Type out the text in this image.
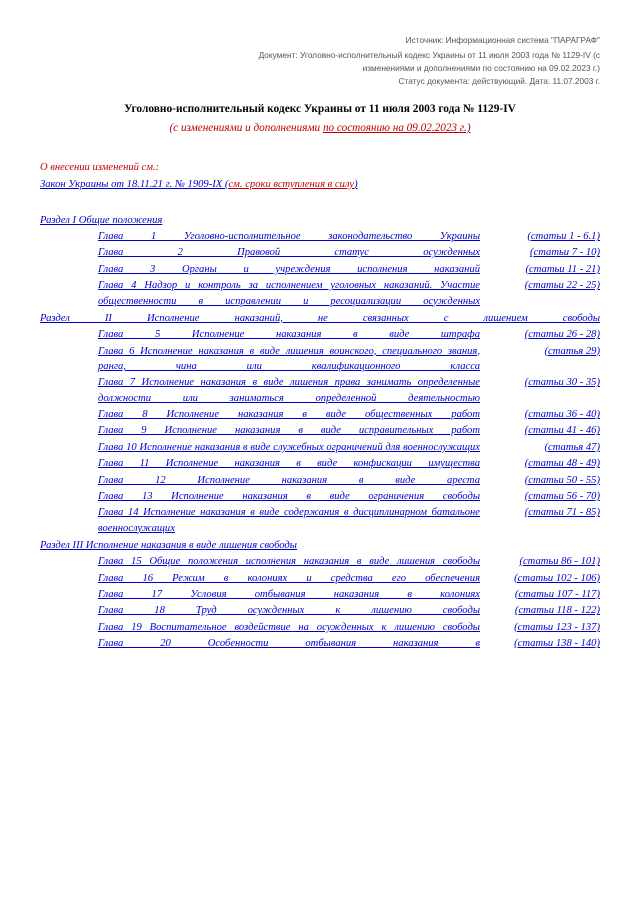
Источник: Информационная система "ПАРАГРАФ"
Документ: Уголовно-исполнительный кодекс Украины от 11 июля 2003 года № 1129-IV (с
изменениями и дополнениями по состоянию на 09.02.2023 г.)
Статус документа: действующий. Дата: 11.07.2003 г.
Уголовно-исполнительный кодекс Украины от 11 июля 2003 года № 1129-IV
(с изменениями и дополнениями по состоянию на 09.02.2023 г.)
О внесении изменений см.:
Закон Украины от 18.11.21 г. № 1909-IX (см. сроки вступления в силу)
Раздел I Общие положения
Глава 1 Уголовно-исполнительное законодательство Украины	(статьи 1 - 6.1)
Глава 2 Правовой статус осужденных	(статьи 7 - 10)
Глава 3 Органы и учреждения исполнения наказаний	(статьи 11 - 21)
Глава 4 Надзор и контроль за исполнением уголовных наказаний. Участие общественности в исправлении и ресоциализации осужденных
(статьи 22 - 25)
Раздел II Исполнение наказаний, не связанных с лишением свободы
Глава 5 Исполнение наказания в виде штрафа	(статьи 26 - 28)
Глава 6 Исполнение наказания в виде лишения воинского, специального звания, ранга, чина или квалификационного класса
(статья 29)
Глава 7 Исполнение наказания в виде лишения права занимать определенные должности или заниматься определенной деятельностью
(статьи 30 - 35)
Глава 8 Исполнение наказания в виде общественных работ	(статьи 36 - 40)
Глава 9 Исполнение наказания в виде исправительных работ	(статьи 41 - 46)
Глава 10 Исполнение наказания в виде служебных ограничений для военнослужащих	(статья 47)
Глава 11 Исполнение наказания в виде конфискации имущества	(статьи 48 - 49)
Глава 12 Исполнение наказания в виде ареста	(статьи 50 - 55)
Глава 13 Исполнение наказания в виде ограничения свободы	(статьи 56 - 70)
Глава 14 Исполнение наказания в виде содержания в дисциплинарном батальоне военнослужащих
(статьи 71 - 85)
Раздел III Исполнение наказания в виде лишения свободы
Глава 15 Общие положения исполнения наказания в виде лишения свободы	(статьи 86 - 101)
Глава 16 Режим в колониях и средства его обеспечения	(статьи 102 - 106)
Глава 17 Условия отбывания наказания в колониях	(статьи 107 - 117)
Глава 18 Труд осужденных к лишению свободы	(статьи 118 - 122)
Глава 19 Воспитательное воздействие на осужденных к лишению свободы	(статьи 123 - 137)
Глава 20 Особенности отбывания наказания в	(статьи 138 - 140)
